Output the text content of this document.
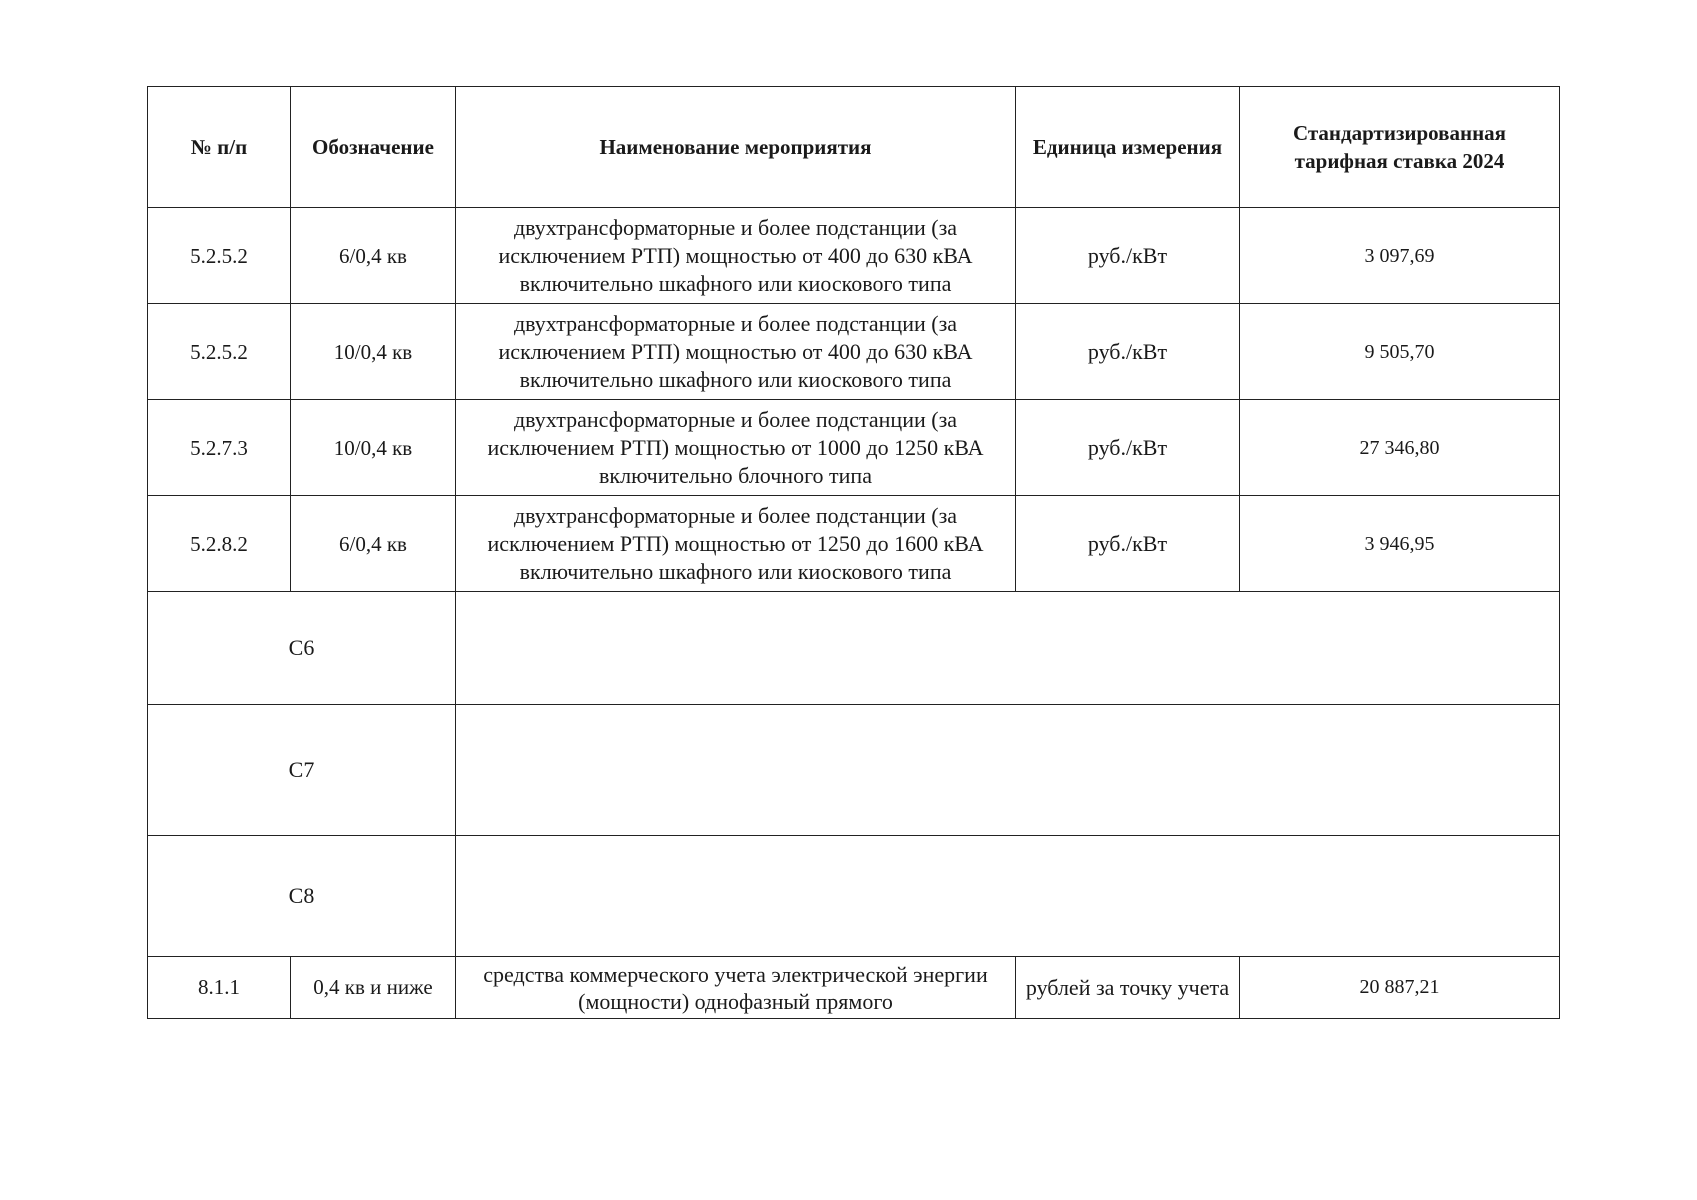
№ п/п	Обозначение	Наименование мероприятия	Единица измерения	Стандартизированная тарифная ставка 2024
5.2.5.2	6/0,4 кв	двухтрансформаторные и более подстанции (за исключением РТП) мощностью от 400 до 630 кВА включительно шкафного или киоскового типа	руб./кВт	3 097,69
5.2.5.2	10/0,4 кв	двухтрансформаторные и более подстанции (за исключением РТП) мощностью от 400 до 630 кВА включительно шкафного или киоскового типа	руб./кВт	9 505,70
5.2.7.3	10/0,4 кв	двухтрансформаторные и более подстанции (за исключением РТП) мощностью от 1000 до 1250 кВА включительно блочного типа	руб./кВт	27 346,80
5.2.8.2	6/0,4 кв	двухтрансформаторные и более подстанции (за исключением РТП) мощностью от 1250 до 1600 кВА включительно шкафного или киоскового типа	руб./кВт	3 946,95
C6				
C7				
C8				
8.1.1	0,4 кв и ниже	средства коммерческого учета электрической энергии (мощности) однофазный прямого	рублей за точку учета	20 887,21
